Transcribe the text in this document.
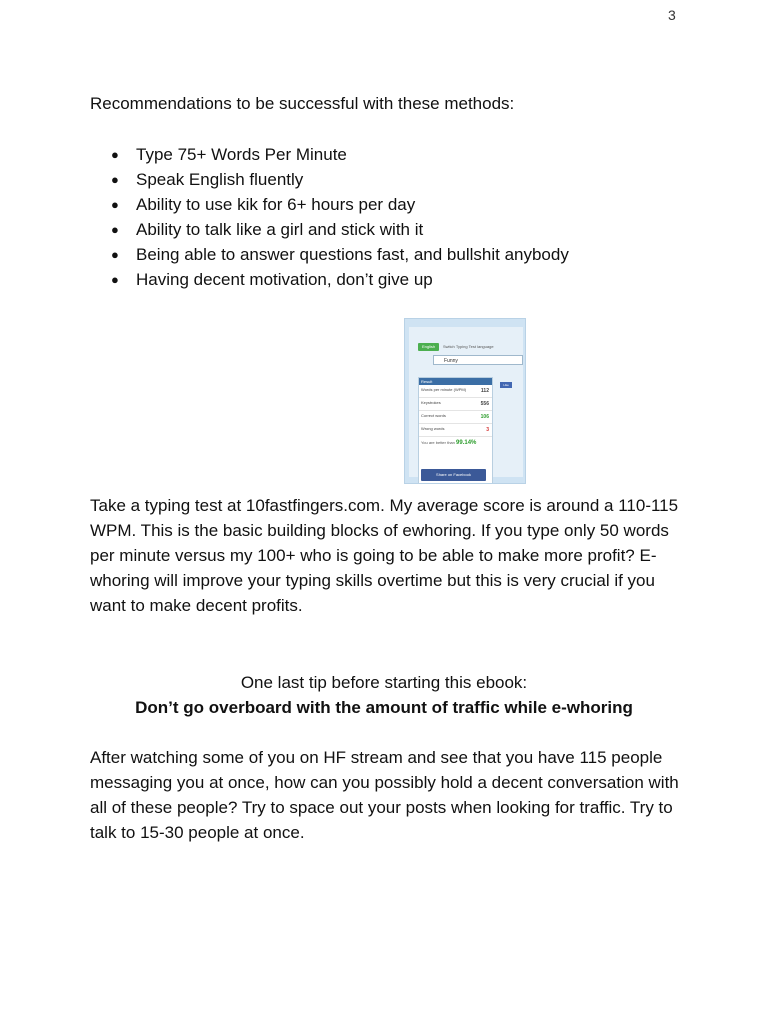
3

Recommendations to be successful with these methods:

● Type 75+ Words Per Minute
● Speak English fluently
● Ability to use kik for 6+ hours per day
● Ability to talk like a girl and stick with it
● Being able to answer questions fast, and bullshit anybody
● Having decent motivation, don’t give up
English	Switch Typing Test language
Funny
Result
Words per minute (WPM)	112
Keystrokes	556
Correct words	106
Wrong words	3
You are better than 99.14%
Share on Facebook
Like

Take a typing test at 10fastfingers.com. My average score is around a 110-115 WPM. This is the basic building blocks of ewhoring. If you type only 50 words per minute versus my 100+ who is going to be able to make more profit? E-whoring will improve your typing skills overtime but this is very crucial if you want to make decent profits.

One last tip before starting this ebook:

Don’t go overboard with the amount of traffic while e-whoring

After watching some of you on HF stream and see that you have 115 people messaging you at once, how can you possibly hold a decent conversation with all of these people? Try to space out your posts when looking for traffic. Try to talk to 15-30 people at once.
